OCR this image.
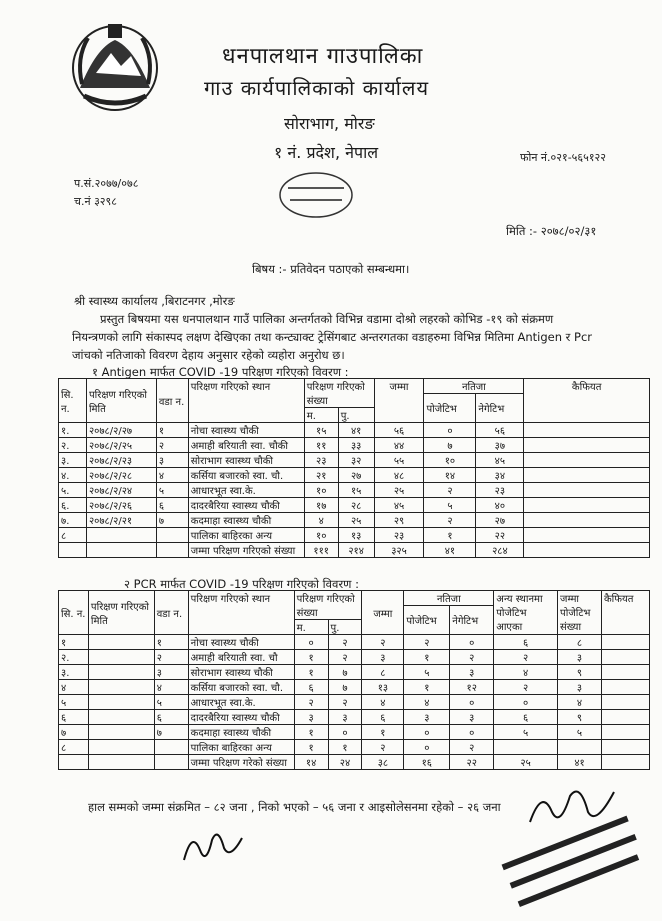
धनपालथान गाउपालिका
गाउ कार्यपालिकाको कार्यालय
सोराभाग, मोरङ
१ नं. प्रदेश, नेपाल	फोन नं.०२१-५६५१२२
प.सं.२०७७/०७८
च.नं ३२९८
मिति :- २०७८/०२/३१
बिषय :- प्रतिवेदन पठाएको सम्बन्धमा।
श्री स्वास्थ्य कार्यालय ,बिराटनगर ,मोरङ
प्रस्तुत बिषयमा यस धनपालथान गाउँ पालिका अन्तर्गतको विभिन्न वडामा दोश्रो लहरको कोभिड -१९ को संक्रमण
नियन्त्रणको लागि संकास्पद लक्षण देखिएका तथा कन्ट्याक्ट ट्रेसिंगबाट अन्तरगतका वडाहरुमा विभिन्न मितिमा Antigen र Pcr
जांचको नतिजाको विवरण देहाय अनुसार रहेको व्यहोरा अनुरोध छ।
१ Antigen मार्फत COVID -19 परिक्षण गरिएको विवरण :
सि. न.	परिक्षण गरिएको मिति	वडा न.	परिक्षण गरिएको स्थान	परिक्षण गरिएको संख्या		जम्मा	नतिजा		कैफियत
							पोजेटिभ	नेगेटिभ	
				म.	पु.				
१.	२०७८/२/२७	१	नोचा स्वास्थ्य चौकी	१५	४१	५६	०	५६	
२.	२०७८/२/२५	२	अमाही बरियाती स्वा. चौकी	११	३३	४४	७	३७	
३.	२०७८/२/२३	३	सोराभाग स्वास्थ्य चौकी	२३	३२	५५	१०	४५	
४.	२०७८/२/२८	४	कर्सिया बजारको स्वा. चौ.	२१	२७	४८	१४	३४	
५.	२०७८/२/२४	५	आधारभूत स्वा.के.	१०	१५	२५	२	२३	
६.	२०७८/२/२६	६	दादरबैरिया स्वास्थ्य चौकी	१७	२८	४५	५	४०	
७.	२०७८/२/२१	७	कदमाहा स्वास्थ्य चौकी	४	२५	२९	२	२७	
८			पालिका बाहिरका अन्य	१०	१३	२३	१	२२	
			जम्मा परिक्षण गरिएको संख्या	१११	२१४	३२५	४१	२८४	
२ PCR मार्फत COVID -19 परिक्षण गरिएको विवरण :
सि. न.	परिक्षण गरिएको मिति	वडा न.	परिक्षण गरिएको स्थान	परिक्षण गरिएको संख्या		जम्मा	नतिजा		अन्य स्थानमा पोजेटिभ आएका	जम्मा पोजेटिभ संख्या	कैफियत
							पोजेटिभ	नेगेटिभ			
				म.	पु.						
१		१	नोचा स्वास्थ्य चौकी	०	२	२	२	०	६	८	
२.		२	अमाही बरियाती स्वा. चौ	१	२	३	१	२	२	३	
३.		३	सोराभाग स्वास्थ्य चौकी	१	७	८	५	३	४	९	
४		४	कर्सिया बजारको स्वा. चौ.	६	७	१३	१	१२	२	३	
५		५	आधारभूत स्वा.के.	२	२	४	४	०	०	४	
६		६	दादरबैरिया स्वास्थ्य चौकी	३	३	६	३	३	६	९	
७		७	कदमाहा स्वास्थ्य चौकी	१	०	१	०	०	५	५	
८			पालिका बाहिरका अन्य	१	१	२	०	२			
			जम्मा परिक्षण गरेको संख्या	१४	२४	३८	१६	२२	२५	४१	
हाल सम्मको जम्मा संक्रमित – ८२ जना , निको भएको – ५६ जना र आइसोलेसनमा रहेको – २६ जना
